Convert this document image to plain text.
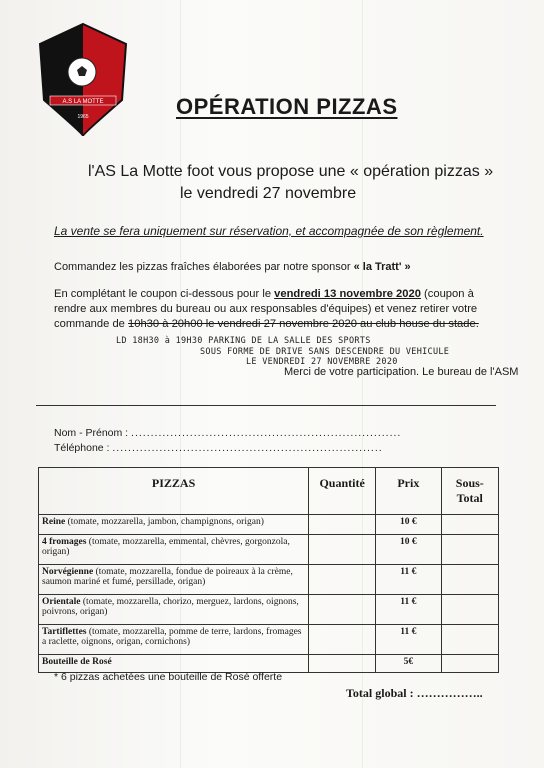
A.S LA MOTTE
1965	OPÉRATION PIZZAS
l'AS La Motte foot vous propose une « opération pizzas »
le vendredi 27 novembre
La vente se fera uniquement sur réservation, et accompagnée de son règlement.
Commandez les pizzas fraîches élaborées par notre sponsor « la Tratt' »
En complétant le coupon ci-dessous pour le vendredi 13 novembre 2020 (coupon à rendre aux membres du bureau ou aux responsables d'équipes) et venez retirer votre commande de 10h30 à 20h00 le vendredi 27 novembre 2020 au club house du stade.
LD 18H30 à 19H30 PARKING DE LA SALLE DES SPORTS
SOUS FORME DE DRIVE SANS DESCENDRE DU VEHICULE
LE VENDREDI 27 NOVEMBRE 2020
Merci de votre participation. Le bureau de l'ASM
Nom - Prénom : .....................................................................
Téléphone : .....................................................................
PIZZAS	Quantité	Prix	Sous-Total
Reine (tomate, mozzarella, jambon, champignons, origan)		10 €	
4 fromages (tomate, mozzarella, emmental, chèvres, gorgonzola, origan)		10 €	
Norvégienne (tomate, mozzarella, fondue de poireaux à la crème, saumon mariné et fumé, persillade, origan)		11 €	
Orientale (tomate, mozzarella, chorizo, merguez, lardons, oignons, poivrons, origan)		11 €	
Tartiflettes (tomate, mozzarella, pomme de terre, lardons, fromages a raclette, oignons, origan, cornichons)		11 €	
Bouteille de Rosé		5€	
* 6 pizzas achetées une bouteille de Rosé offerte
Total global : ……………..
